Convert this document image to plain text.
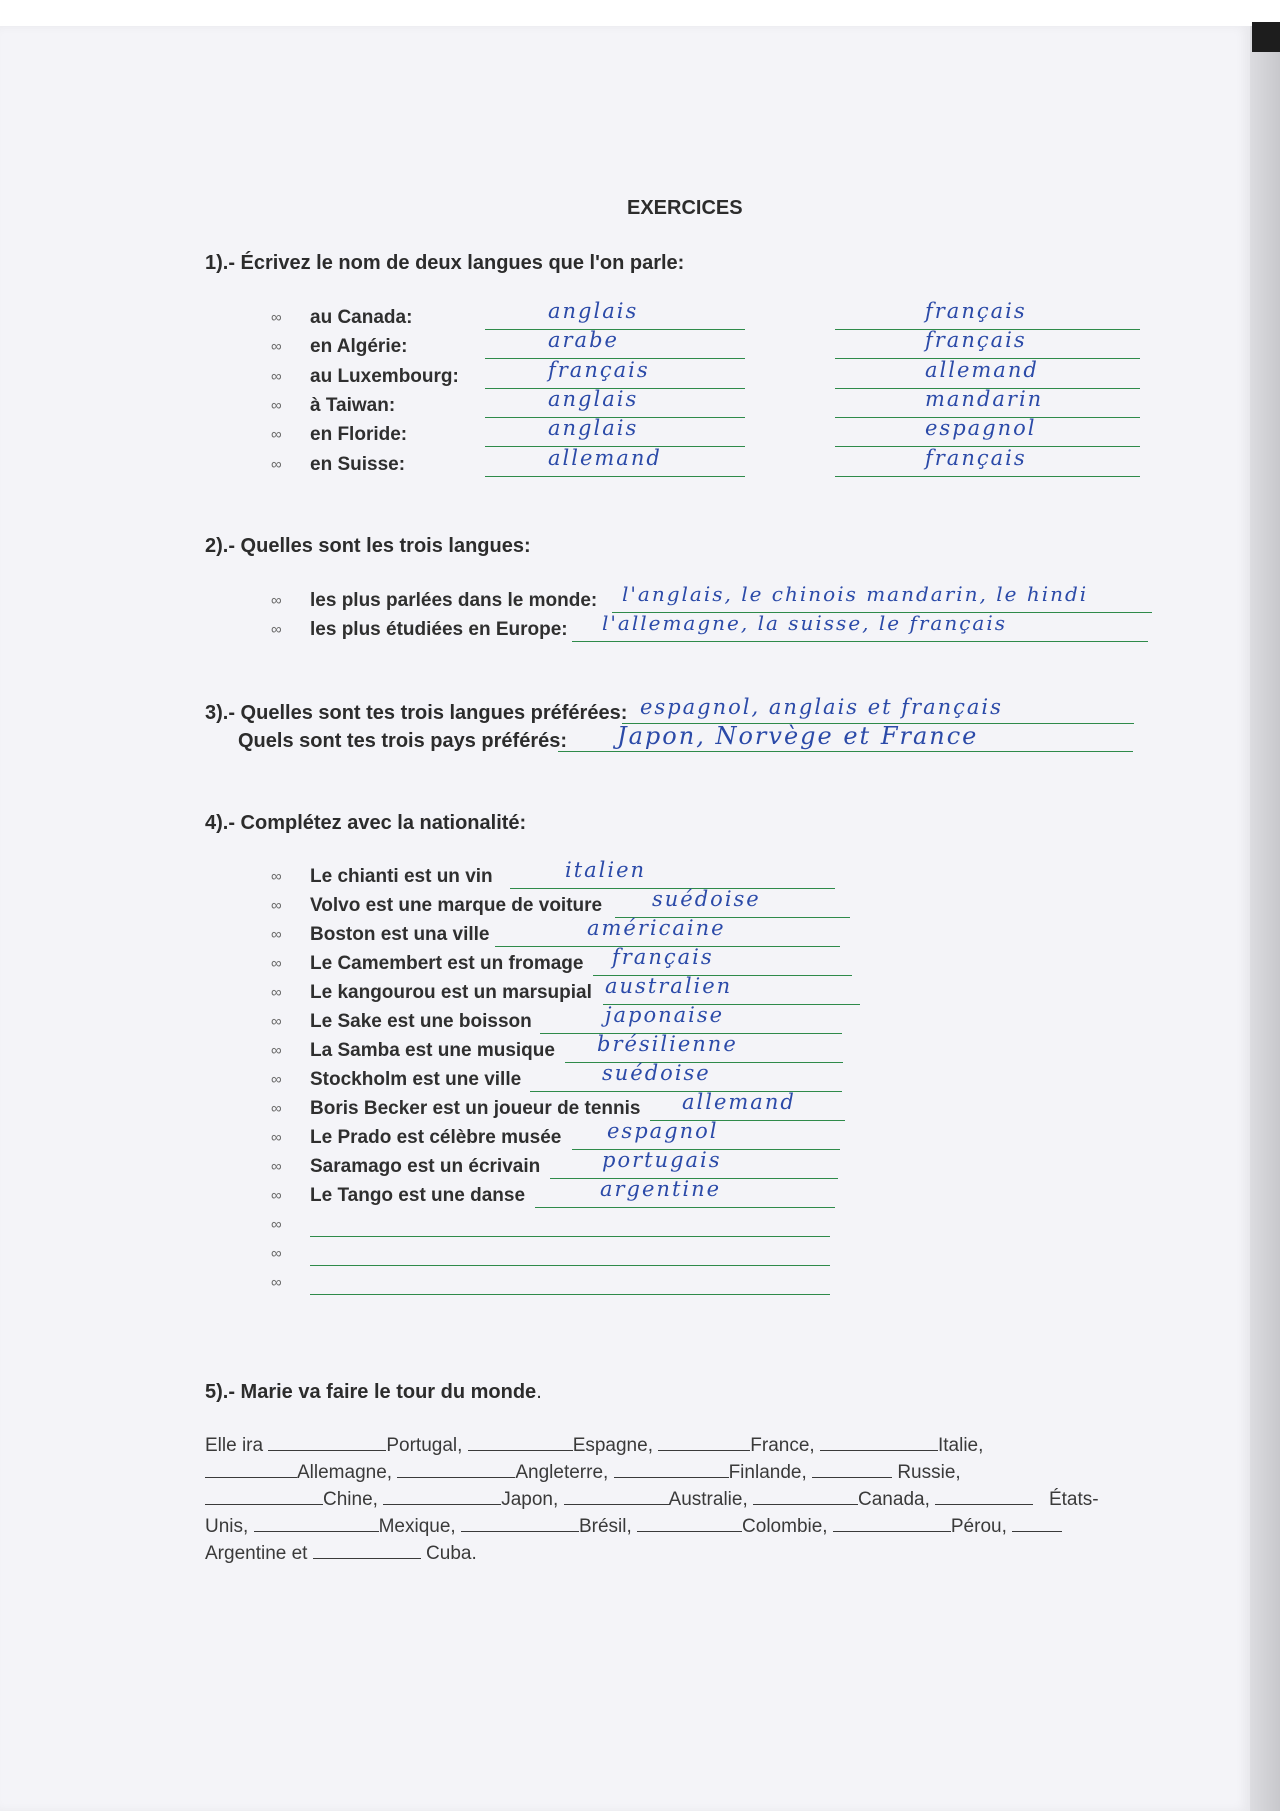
EXERCICES
1).- Écrivez le nom de deux langues que l'on parle:
∞ au Canada:	anglais	français
∞ en Algérie:	arabe	français
∞ au Luxembourg:	français	allemand
∞ à Taiwan:	anglais	mandarin
∞ en Floride:	anglais	espagnol
∞ en Suisse:	allemand	français
2).- Quelles sont les trois langues:
∞ les plus parlées dans le monde: l'anglais, le chinois mandarin, le hindi
∞ les plus étudiées en Europe: l'allemagne, la suisse, le français
3).- Quelles sont tes trois langues préférées: espagnol, anglais et français
Quels sont tes trois pays préférés: Japon, Norvège et France
4).- Complétez avec la nationalité:
∞ Le chianti est un vin	italien
∞ Volvo est une marque de voiture suédoise
∞ Boston est una ville	américaine
∞ Le Camembert est un fromage français
∞ Le kangourou est un marsupial australien
∞ Le Sake est une boisson	japonaise
∞ La Samba est une musique brésilienne
∞ Stockholm est une ville	suédoise
∞ Boris Becker est un joueur de tennis allemand
∞ Le Prado est célèbre musée espagnol
∞ Saramago est un écrivain	portugais
∞ Le Tango est une danse	argentine
∞
∞
∞
5).- Marie va faire le tour du monde.
Elle ira	Portugal,	Espagne,	France,	Italie,
Allemagne,	Angleterre,	Finlande,	Russie,
Chine,	Japon,	Australie,	Canada,	États-
Unis,	Mexique,	Brésil,	Colombie,	Pérou,
Argentine et	Cuba.
